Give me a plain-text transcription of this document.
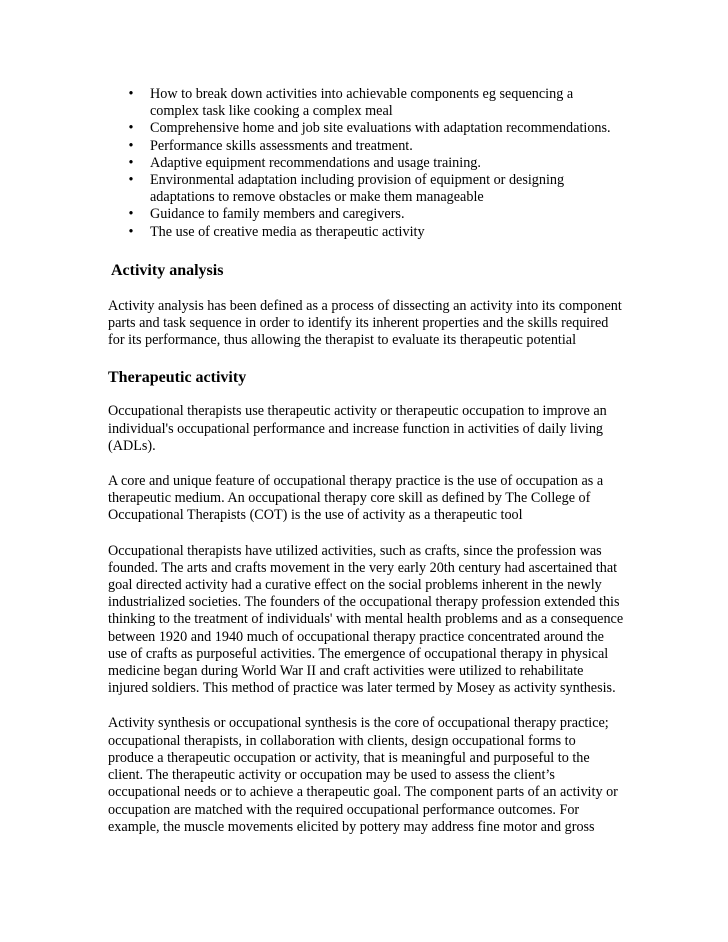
• How to break down activities into achievable components eg sequencing a complex task like cooking a complex meal
• Comprehensive home and job site evaluations with adaptation recommendations.
• Performance skills assessments and treatment.
• Adaptive equipment recommendations and usage training.
• Environmental adaptation including provision of equipment or designing adaptations to remove obstacles or make them manageable
• Guidance to family members and caregivers.
• The use of creative media as therapeutic activity
Activity analysis

Activity analysis has been defined as a process of dissecting an activity into its component parts and task sequence in order to identify its inherent properties and the skills required for its performance, thus allowing the therapist to evaluate its therapeutic potential

Therapeutic activity

Occupational therapists use therapeutic activity or therapeutic occupation to improve an individual's occupational performance and increase function in activities of daily living (ADLs).

A core and unique feature of occupational therapy practice is the use of occupation as a therapeutic medium. An occupational therapy core skill as defined by The College of Occupational Therapists (COT) is the use of activity as a therapeutic tool

Occupational therapists have utilized activities, such as crafts, since the profession was founded. The arts and crafts movement in the very early 20th century had ascertained that goal directed activity had a curative effect on the social problems inherent in the newly industrialized societies. The founders of the occupational therapy profession extended this thinking to the treatment of individuals' with mental health problems and as a consequence between 1920 and 1940 much of occupational therapy practice concentrated around the use of crafts as purposeful activities. The emergence of occupational therapy in physical medicine began during World War II and craft activities were utilized to rehabilitate injured soldiers. This method of practice was later termed by Mosey as activity synthesis.

Activity synthesis or occupational synthesis is the core of occupational therapy practice; occupational therapists, in collaboration with clients, design occupational forms to produce a therapeutic occupation or activity, that is meaningful and purposeful to the client. The therapeutic activity or occupation may be used to assess the client’s occupational needs or to achieve a therapeutic goal. The component parts of an activity or occupation are matched with the required occupational performance outcomes. For example, the muscle movements elicited by pottery may address fine motor and gross
